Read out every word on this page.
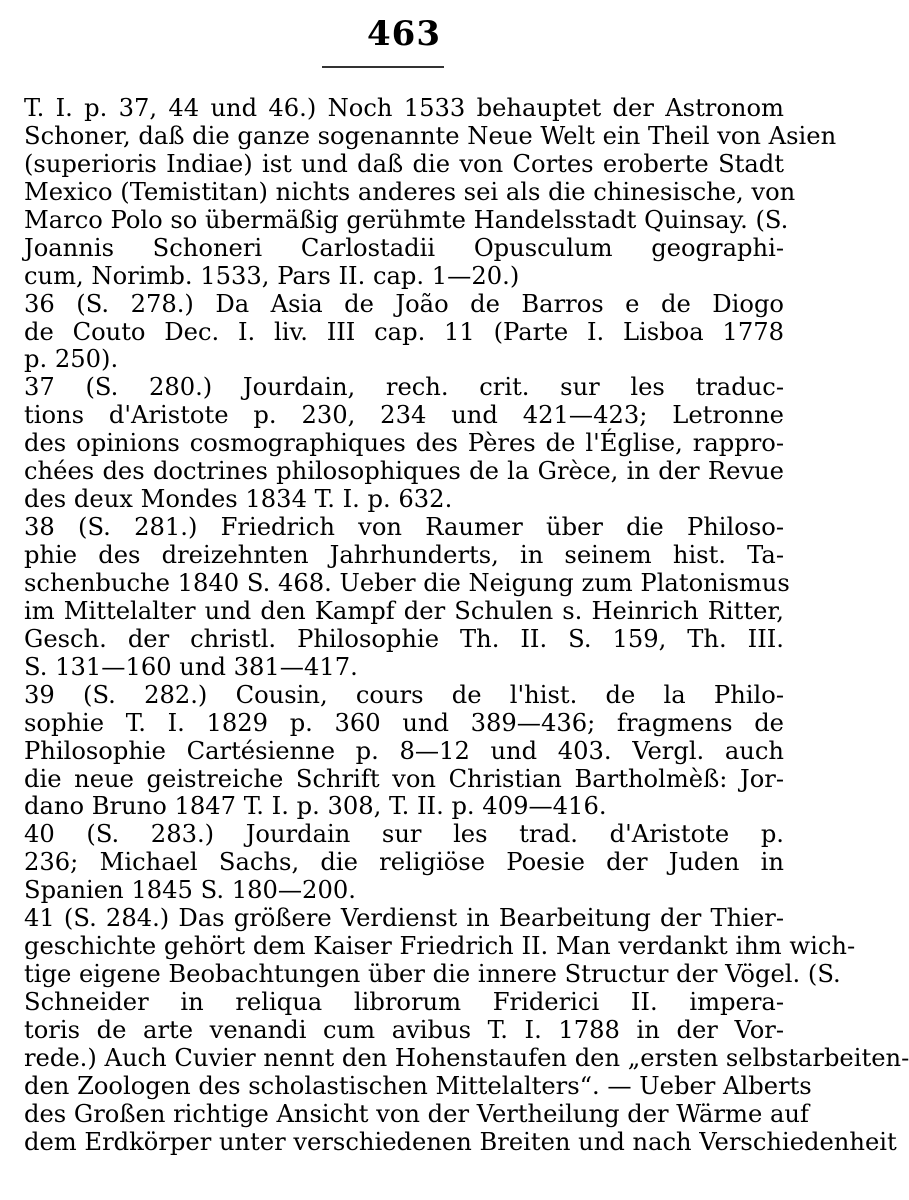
463
T. I. p. 37, 44 und 46.) Noch 1533 behauptet der Astronom
Schoner, daß die ganze sogenannte Neue Welt ein Theil von Asien
(superioris Indiae) ist und daß die von Cortes eroberte Stadt
Mexico (Temistitan) nichts anderes sei als die chinesische, von
Marco Polo so übermäßig gerühmte Handelsstadt Quinsay. (S.
Joannis Schoneri Carlostadii Opusculum geographi-
cum, Norimb. 1533, Pars II. cap. 1—20.)
36 (S. 278.) Da Asia de João de Barros e de Diogo
de Couto Dec. I. liv. III cap. 11 (Parte I. Lisboa 1778
p. 250).
37 (S. 280.) Jourdain, rech. crit. sur les traduc-
tions d'Aristote p. 230, 234 und 421—423; Letronne
des opinions cosmographiques des Pères de l'Église, rappro-
chées des doctrines philosophiques de la Grèce, in der Revue
des deux Mondes 1834 T. I. p. 632.
38 (S. 281.) Friedrich von Raumer über die Philoso-
phie des dreizehnten Jahrhunderts, in seinem hist. Ta-
schenbuche 1840 S. 468. Ueber die Neigung zum Platonismus
im Mittelalter und den Kampf der Schulen s. Heinrich Ritter,
Gesch. der christl. Philosophie Th. II. S. 159, Th. III.
S. 131—160 und 381—417.
39 (S. 282.) Cousin, cours de l'hist. de la Philo-
sophie T. I. 1829 p. 360 und 389—436; fragmens de
Philosophie Cartésienne p. 8—12 und 403. Vergl. auch
die neue geistreiche Schrift von Christian Bartholmèß: Jor-
dano Bruno 1847 T. I. p. 308, T. II. p. 409—416.
40 (S. 283.) Jourdain sur les trad. d'Aristote p.
236; Michael Sachs, die religiöse Poesie der Juden in
Spanien 1845 S. 180—200.
41 (S. 284.) Das größere Verdienst in Bearbeitung der Thier-
geschichte gehört dem Kaiser Friedrich II. Man verdankt ihm wich-
tige eigene Beobachtungen über die innere Structur der Vögel. (S.
Schneider in reliqua librorum Friderici II. impera-
toris de arte venandi cum avibus T. I. 1788 in der Vor-
rede.) Auch Cuvier nennt den Hohenstaufen den „ersten selbstarbeiten-
den Zoologen des scholastischen Mittelalters“. — Ueber Alberts
des Großen richtige Ansicht von der Vertheilung der Wärme auf
dem Erdkörper unter verschiedenen Breiten und nach Verschiedenheit
